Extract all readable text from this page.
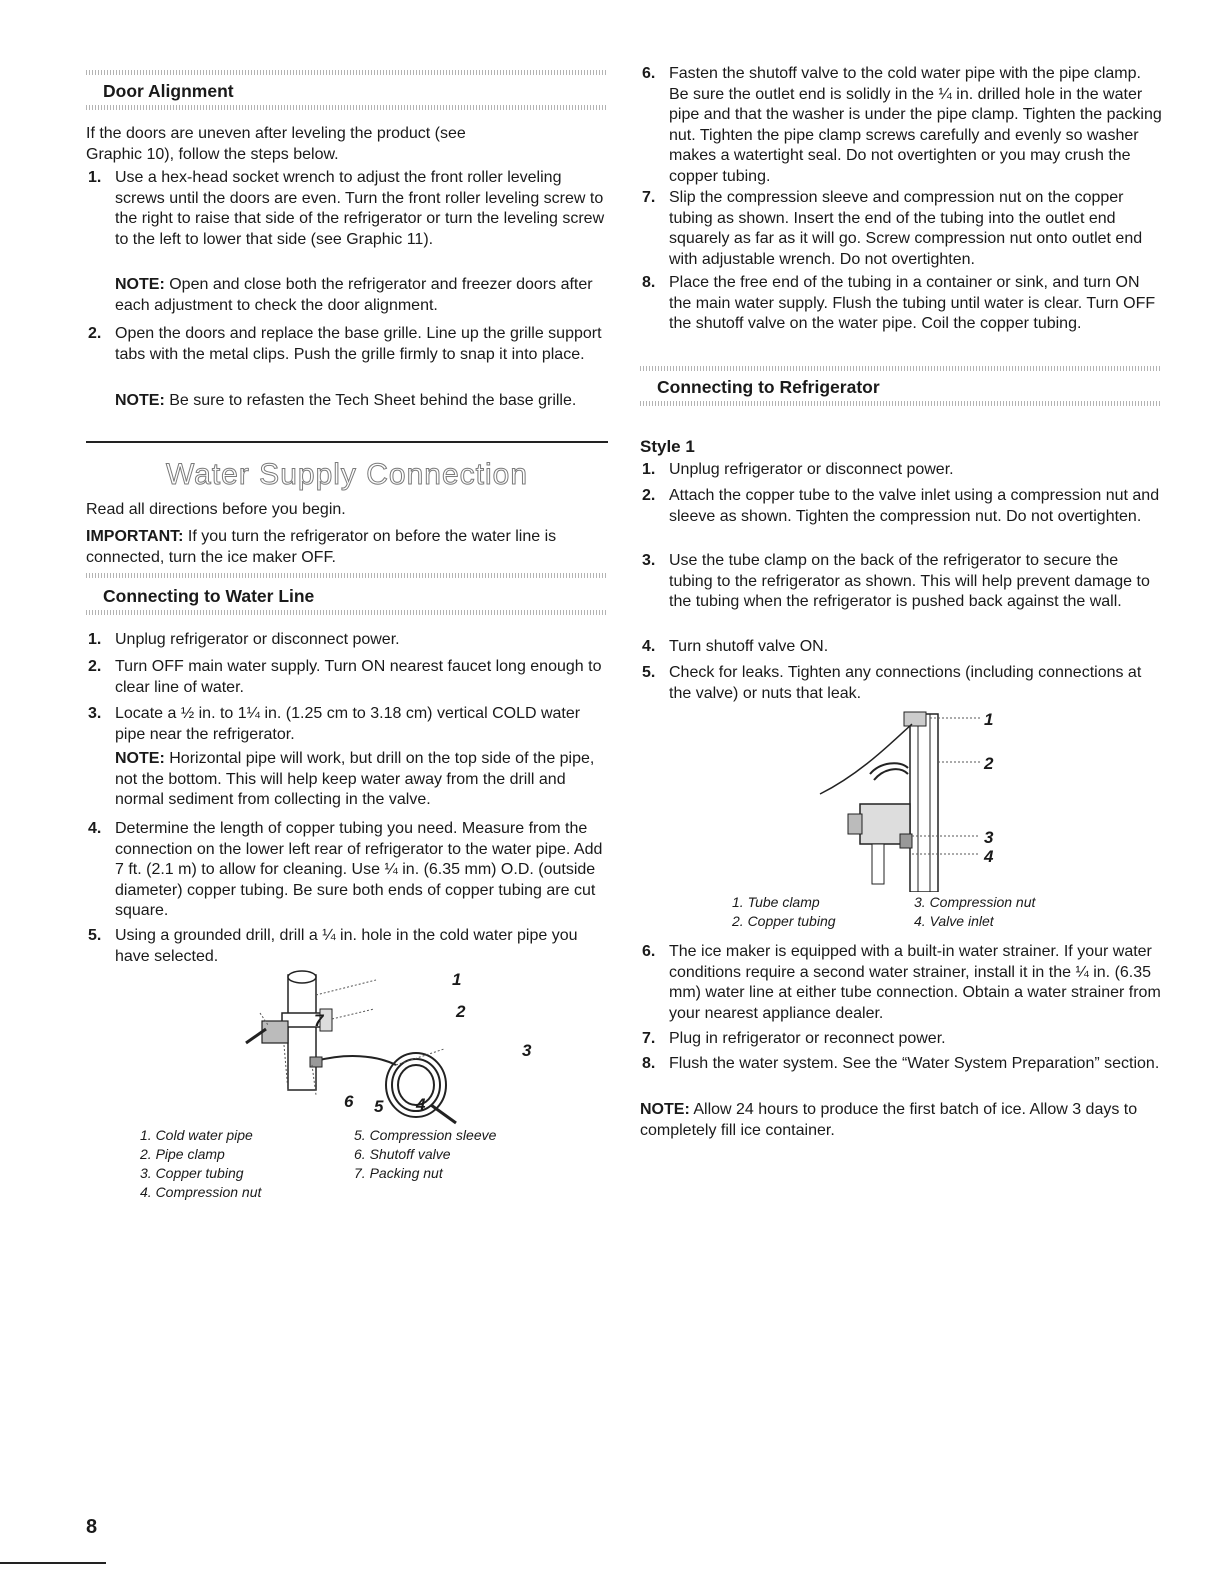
Door Alignment

If the doors are uneven after leveling the product (see Graphic 10), follow the steps below.

1. Use a hex-head socket wrench to adjust the front roller leveling screws until the doors are even. Turn the front roller leveling screw to the right to raise that side of the refrigerator or turn the leveling screw to the left to lower that side (see Graphic 11).

NOTE: Open and close both the refrigerator and freezer doors after each adjustment to check the door alignment.

2. Open the doors and replace the base grille. Line up the grille support tabs with the metal clips. Push the grille firmly to snap it into place.

NOTE: Be sure to refasten the Tech Sheet behind the base grille.

Water Supply Connection

Read all directions before you begin.

IMPORTANT: If you turn the refrigerator on before the water line is connected, turn the ice maker OFF.

Connecting to Water Line

1. Unplug refrigerator or disconnect power.

2. Turn OFF main water supply. Turn ON nearest faucet long enough to clear line of water.

3. Locate a ½ in. to 1¼ in. (1.25 cm to 3.18 cm) vertical COLD water pipe near the refrigerator.

NOTE: Horizontal pipe will work, but drill on the top side of the pipe, not the bottom. This will help keep water away from the drill and normal sediment from collecting in the valve.

4. Determine the length of copper tubing you need. Measure from the connection on the lower left rear of refrigerator to the water pipe. Add 7 ft. (2.1 m) to allow for cleaning. Use ¼ in. (6.35 mm) O.D. (outside diameter) copper tubing. Be sure both ends of copper tubing are cut square.

5. Using a grounded drill, drill a ¼ in. hole in the cold water pipe you have selected.

1
2
3
4
5
6
7

1. Cold water pipe

2. Pipe clamp

3. Copper tubing

4. Compression nut

5. Compression sleeve

6. Shutoff valve

7. Packing nut

6. Fasten the shutoff valve to the cold water pipe with the pipe clamp. Be sure the outlet end is solidly in the ¼ in. drilled hole in the water pipe and that the washer is under the pipe clamp. Tighten the packing nut. Tighten the pipe clamp screws carefully and evenly so washer makes a watertight seal. Do not overtighten or you may crush the copper tubing.

7. Slip the compression sleeve and compression nut on the copper tubing as shown. Insert the end of the tubing into the outlet end squarely as far as it will go. Screw compression nut onto outlet end with adjustable wrench. Do not overtighten.

8. Place the free end of the tubing in a container or sink, and turn ON the main water supply. Flush the tubing until water is clear. Turn OFF the shutoff valve on the water pipe. Coil the copper tubing.

Connecting to Refrigerator

Style 1

1. Unplug refrigerator or disconnect power.

2. Attach the copper tube to the valve inlet using a compression nut and sleeve as shown. Tighten the compression nut. Do not overtighten.

3. Use the tube clamp on the back of the refrigerator to secure the tubing to the refrigerator as shown. This will help prevent damage to the tubing when the refrigerator is pushed back against the wall.

4. Turn shutoff valve ON.

5. Check for leaks. Tighten any connections (including connections at the valve) or nuts that leak.

1
2
3
4

1. Tube clamp

2. Copper tubing

3. Compression nut

4. Valve inlet

6. The ice maker is equipped with a built-in water strainer. If your water conditions require a second water strainer, install it in the ¼ in. (6.35 mm) water line at either tube connection. Obtain a water strainer from your nearest appliance dealer.

7. Plug in refrigerator or reconnect power.

8. Flush the water system. See the “Water System Preparation” section.

NOTE: Allow 24 hours to produce the first batch of ice. Allow 3 days to completely fill ice container.

8
